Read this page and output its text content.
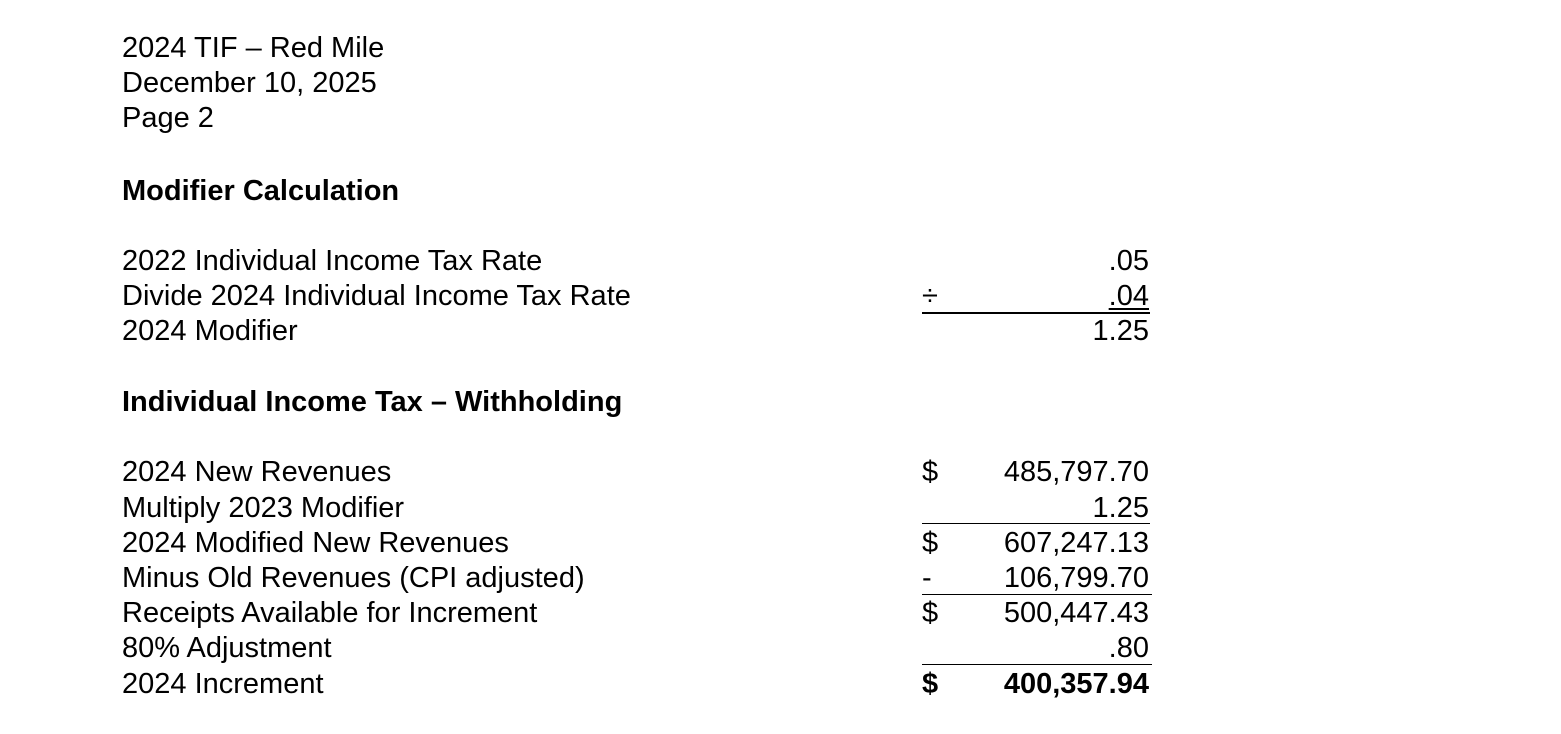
2024 TIF – Red Mile
December 10, 2025
Page 2
Modifier Calculation
2022 Individual Income Tax Rate	.05
Divide 2024 Individual Income Tax Rate	÷	.04
2024 Modifier	1.25
Individual Income Tax – Withholding
2024 New Revenues	$	485,797.70
Multiply 2023 Modifier	1.25
2024 Modified New Revenues	$	607,247.13
Minus Old Revenues (CPI adjusted)	-	106,799.70
Receipts Available for Increment	$	500,447.43
80% Adjustment	.80
2024 Increment	$	400,357.94
